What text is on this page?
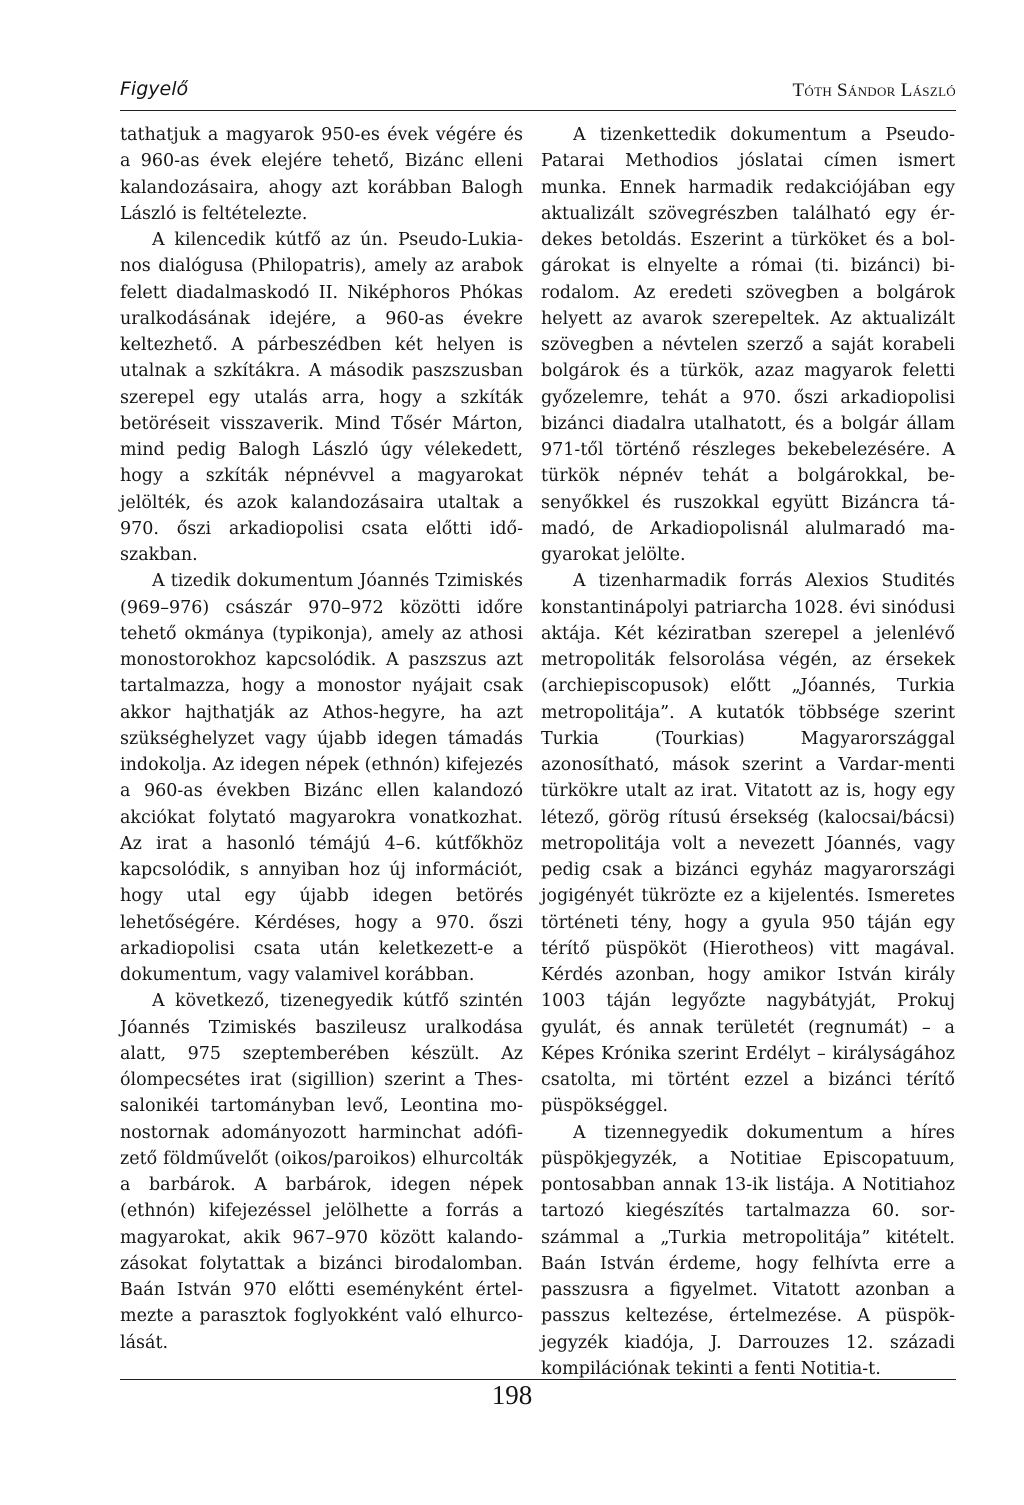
Figyelő	Tóth Sándor László

tathatjuk a magyarok 950-es évek végére és a 960-as évek elejére tehető, Bizánc elleni kalandozásaira, ahogy azt korábban Balogh László is feltételezte.

A kilencedik kútfő az ún. Pseudo-Lukianos dialógusa (Philopatris), amely az arabok felett diadalmaskodó II. Niképhoros Phókas uralkodásának idejére, a 960-as évekre keltezhető. A párbeszédben két helyen is utalnak a szkítákra. A második paszszusban szerepel egy utalás arra, hogy a szkíták betöréseit visszaverik. Mind Tősér Márton, mind pedig Balogh László úgy vélekedett, hogy a szkíták népnévvel a magyarokat jelölték, és azok kalandozásaira utaltak a 970. őszi arkadiopolisi csata előtti időszakban.

A tizedik dokumentum Jóannés Tzimiskés (969–976) császár 970–972 közötti időre tehető okmánya (typikonja), amely az athosi monostorokhoz kapcsolódik. A paszszus azt tartalmazza, hogy a monostor nyájait csak akkor hajthatják az Athos-hegyre, ha azt szükséghelyzet vagy újabb idegen támadás indokolja. Az idegen népek (ethnón) kifejezés a 960-as években Bizánc ellen kalandozó akciókat folytató magyarokra vonatkozhat. Az irat a hasonló témájú 4–6. kútfőkhöz kapcsolódik, s annyiban hoz új információt, hogy utal egy újabb idegen betörés lehetőségére. Kérdéses, hogy a 970. őszi arkadiopolisi csata után keletkezett-e a dokumentum, vagy valamivel korábban.

A következő, tizenegyedik kútfő szintén Jóannés Tzimiskés baszileusz uralkodása alatt, 975 szeptemberében készült. Az ólompecsétes irat (sigillion) szerint a Thessalonikéi tartományban levő, Leontina monostornak adományozott harminchat adófizető földművelőt (oikos/paroikos) elhurcolták a barbárok. A barbárok, idegen népek (ethnón) kifejezéssel jelölhette a forrás a magyarokat, akik 967–970 között kalandozásokat folytattak a bizánci birodalomban. Baán István 970 előtti eseményként értelmezte a parasztok foglyokként való elhurcolását.

A tizenkettedik dokumentum a Pseudo-Patarai Methodios jóslatai címen ismert munka. Ennek harmadik redakciójában egy aktualizált szövegrészben található egy érdekes betoldás. Eszerint a türköket és a bolgárokat is elnyelte a római (ti. bizánci) birodalom. Az eredeti szövegben a bolgárok helyett az avarok szerepeltek. Az aktualizált szövegben a névtelen szerző a saját korabeli bolgárok és a türkök, azaz magyarok feletti győzelemre, tehát a 970. őszi arkadiopolisi bizánci diadalra utalhatott, és a bolgár állam 971-től történő részleges bekebelezésére. A türkök népnév tehát a bolgárokkal, besenyőkkel és ruszokkal együtt Bizáncra támadó, de Arkadiopolisnál alulmaradó magyarokat jelölte.

A tizenharmadik forrás Alexios Studités konstantinápolyi patriarcha 1028. évi sinódusi aktája. Két kéziratban szerepel a jelenlévő metropoliták felsorolása végén, az érsekek (archiepiscopusok) előtt „Jóannés, Turkia metropolitája”. A kutatók többsége szerint Turkia (Tourkias) Magyarországgal azonosítható, mások szerint a Vardar-menti türkökre utalt az irat. Vitatott az is, hogy egy létező, görög rítusú érsekség (kalocsai/bácsi) metropolitája volt a nevezett Jóannés, vagy pedig csak a bizánci egyház magyarországi jogigényét tükrözte ez a kijelentés. Ismeretes történeti tény, hogy a gyula 950 táján egy térítő püspököt (Hierotheos) vitt magával. Kérdés azonban, hogy amikor István király 1003 táján legyőzte nagybátyját, Prokuj gyulát, és annak területét (regnumát) – a Képes Krónika szerint Erdélyt – királyságához csatolta, mi történt ezzel a bizánci térítő püspökséggel.

A tizennegyedik dokumentum a híres püspökjegyzék, a Notitiae Episcopatuum, pontosabban annak 13-ik listája. A Notitiahoz tartozó kiegészítés tartalmazza 60. sorszámmal a „Turkia metropolitája” kitételt. Baán István érdeme, hogy felhívta erre a passzusra a figyelmet. Vitatott azonban a passzus keltezése, értelmezése. A püspökjegyzék kiadója, J. Darrouzes 12. századi kompilációnak tekinti a fenti Notitia-t.

198
